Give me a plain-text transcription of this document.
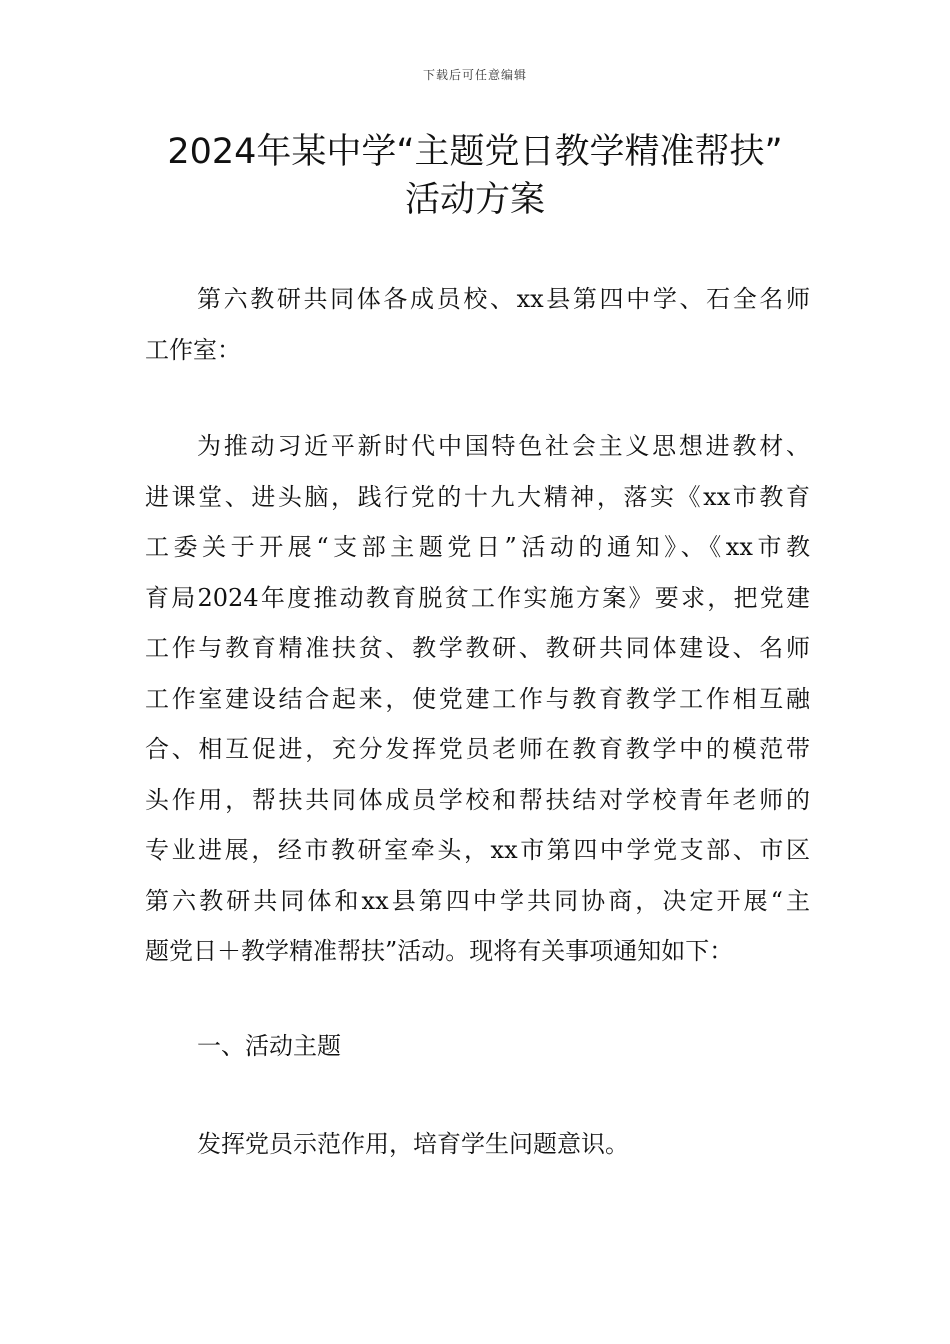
下载后可任意编辑
2024年某中学“主题党日教学精准帮扶”
活动方案
第六教研共同体各成员校、xx县第四中学、石全名师
工作室：
为推动习近平新时代中国特色社会主义思想进教材、
进课堂、进头脑，践行党的十九大精神，落实《xx市教育
工委关于开展“支部主题党日”活动的通知》、《xx市教
育局2024年度推动教育脱贫工作实施方案》要求，把党建
工作与教育精准扶贫、教学教研、教研共同体建设、名师
工作室建设结合起来，使党建工作与教育教学工作相互融
合、相互促进，充分发挥党员老师在教育教学中的模范带
头作用，帮扶共同体成员学校和帮扶结对学校青年老师的
专业进展，经市教研室牵头，xx市第四中学党支部、市区
第六教研共同体和xx县第四中学共同协商，决定开展“主
题党日＋教学精准帮扶”活动。现将有关事项通知如下：
一、活动主题
发挥党员示范作用，培育学生问题意识。
